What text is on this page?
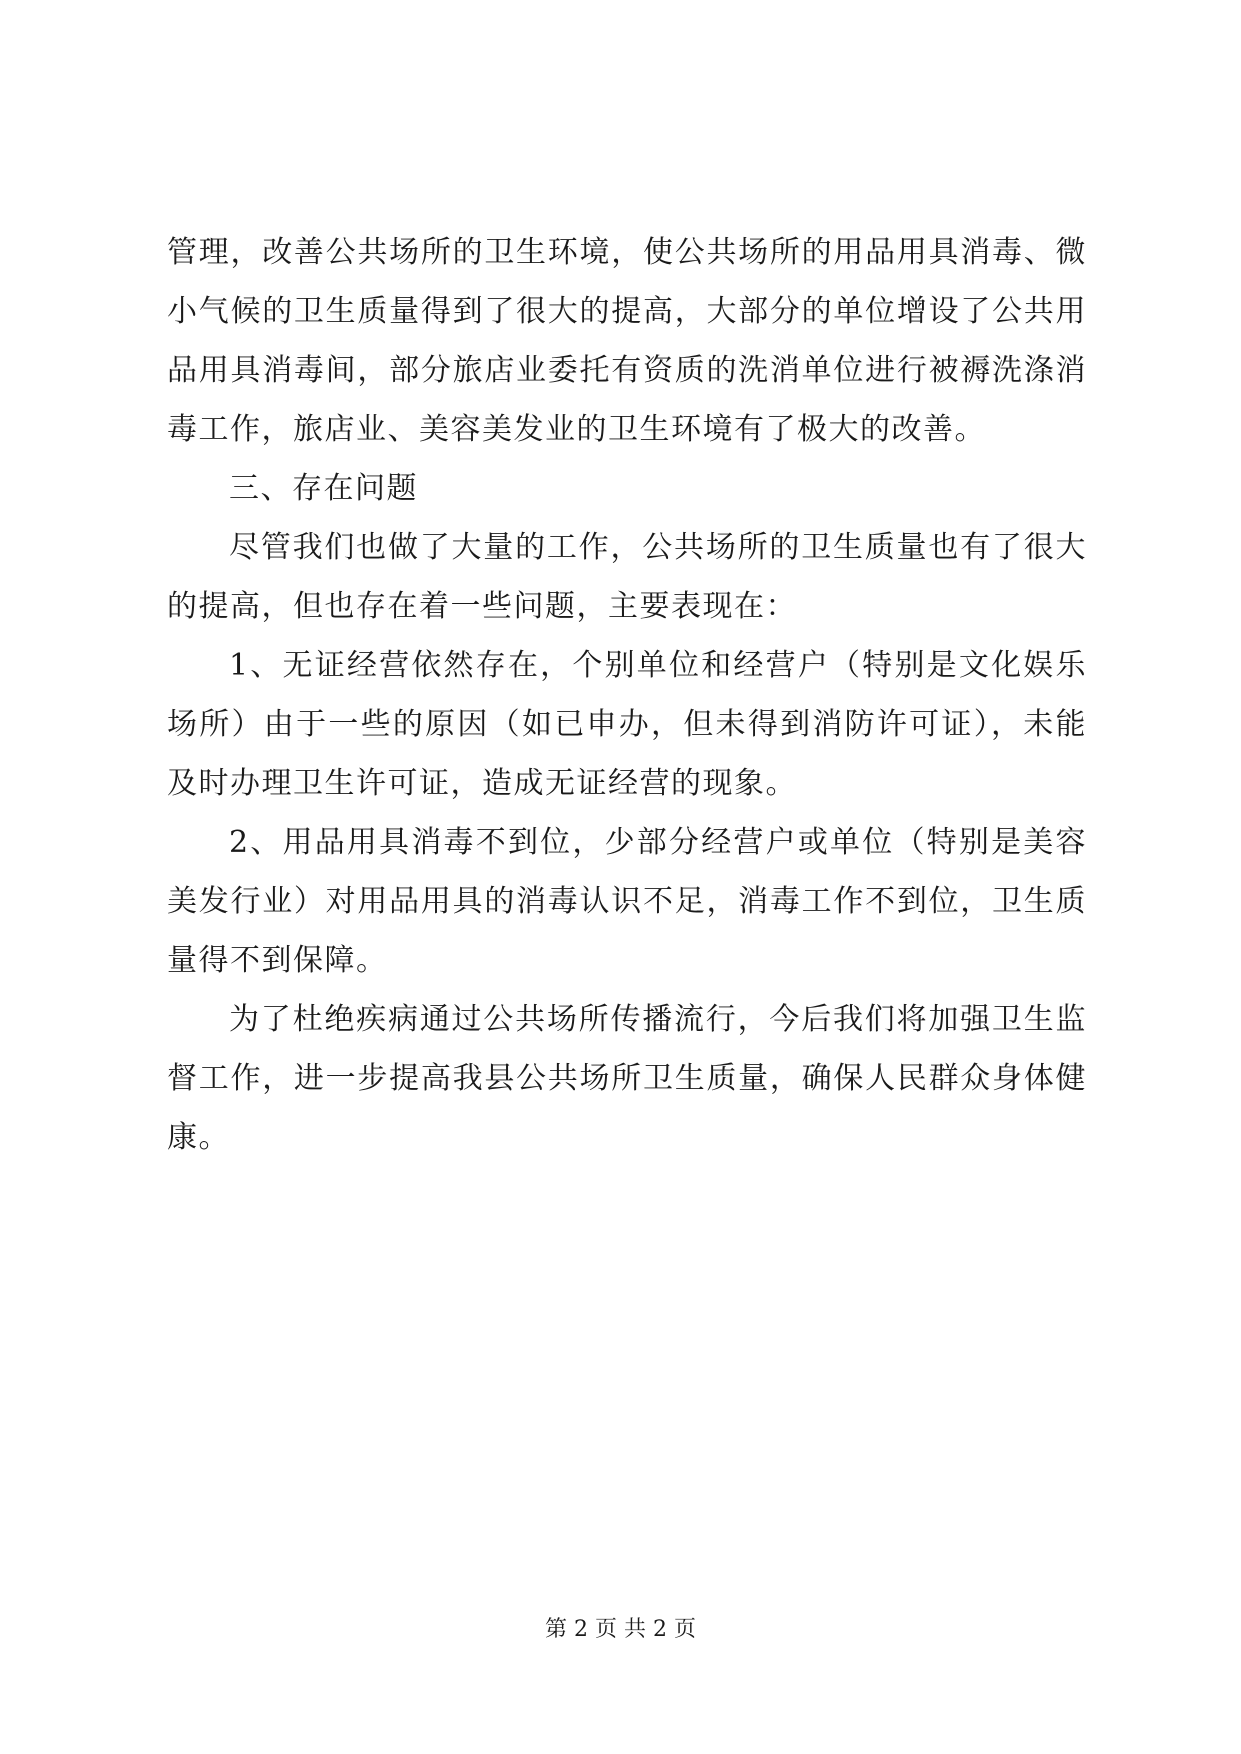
管理，改善公共场所的卫生环境，使公共场所的用品用具消毒、微小气候的卫生质量得到了很大的提高，大部分的单位增设了公共用品用具消毒间，部分旅店业委托有资质的洗消单位进行被褥洗涤消毒工作，旅店业、美容美发业的卫生环境有了极大的改善。

三、存在问题

尽管我们也做了大量的工作，公共场所的卫生质量也有了很大的提高，但也存在着一些问题，主要表现在：

1、无证经营依然存在，个别单位和经营户（特别是文化娱乐场所）由于一些的原因（如已申办，但未得到消防许可证），未能及时办理卫生许可证，造成无证经营的现象。

2、用品用具消毒不到位，少部分经营户或单位（特别是美容美发行业）对用品用具的消毒认识不足，消毒工作不到位，卫生质量得不到保障。

为了杜绝疾病通过公共场所传播流行，今后我们将加强卫生监督工作，进一步提高我县公共场所卫生质量，确保人民群众身体健康。

第 2 页 共 2 页
